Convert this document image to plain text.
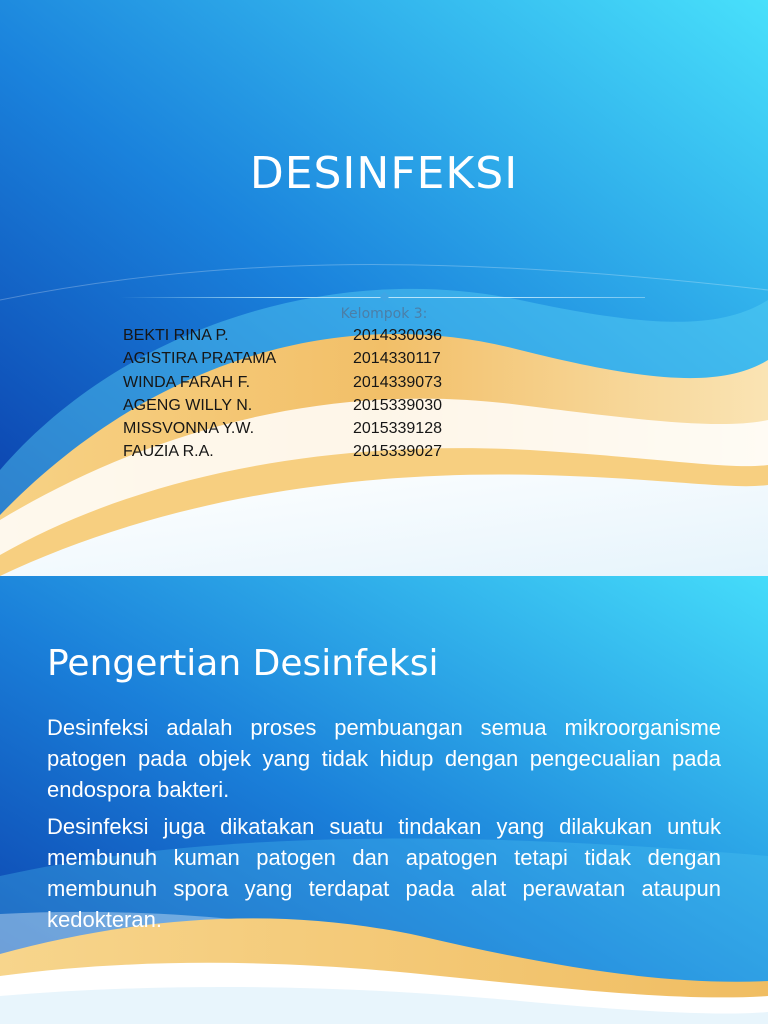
DESINFEKSI
Kelompok 3:
BEKTI RINA P.	2014330036
AGISTIRA PRATAMA	2014330117
WINDA FARAH F.	2014339073
AGENG WILLY N.	2015339030
MISSVONNA Y.W.	2015339128
FAUZIA R.A.	2015339027
Pengertian Desinfeksi

Desinfeksi adalah proses pembuangan semua mikroorganisme patogen pada objek yang tidak hidup dengan pengecualian pada endospora bakteri.

Desinfeksi juga dikatakan suatu tindakan yang dilakukan untuk membunuh kuman patogen dan apatogen tetapi tidak dengan membunuh spora yang terdapat pada alat perawatan ataupun kedokteran.
